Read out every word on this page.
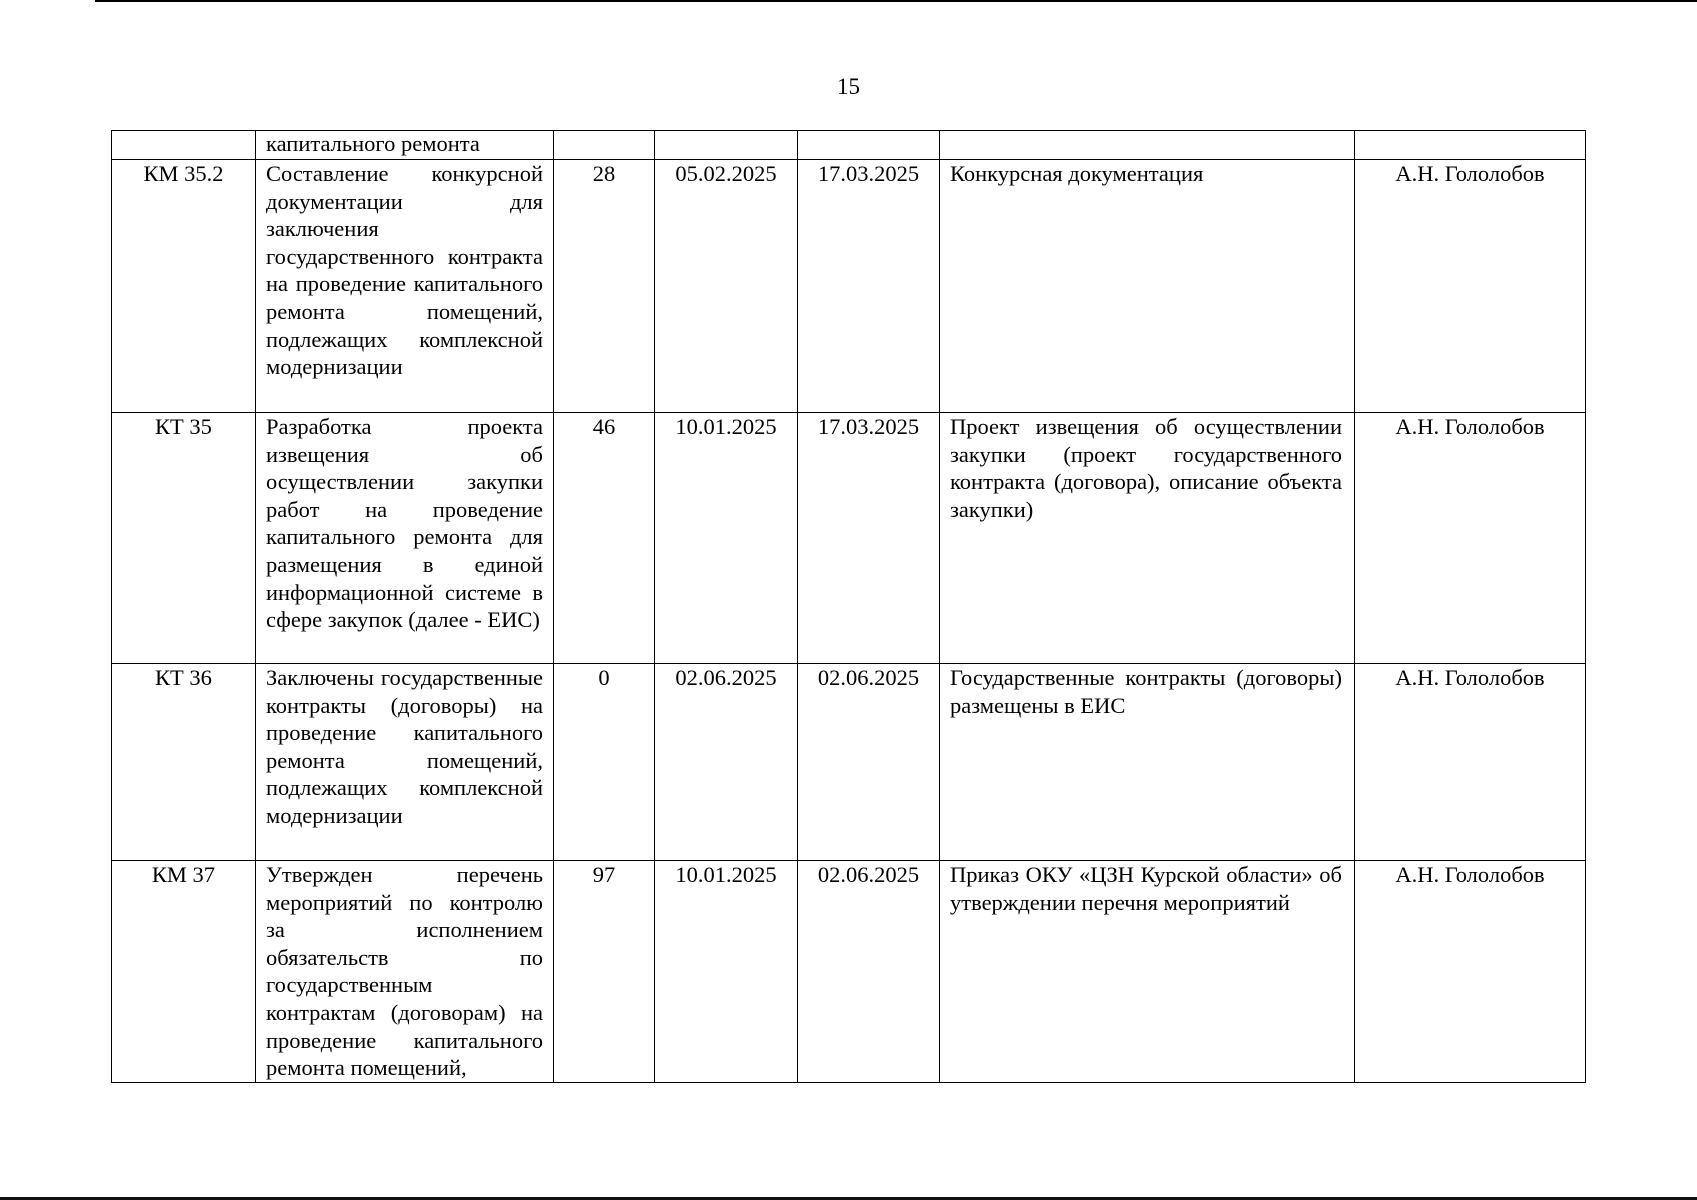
15
	капитального ремонта					
КМ 35.2	Составление конкурсной документации для заключения государственного контракта на проведение капитального ремонта помещений, подлежащих комплексной модернизации	28	05.02.2025	17.03.2025	Конкурсная документация	А.Н. Гололобов
КТ 35	Разработка проекта извещения об осуществлении закупки работ на проведение капитального ремонта для размещения в единой информационной системе в сфере закупок (далее - ЕИС)	46	10.01.2025	17.03.2025	Проект извещения об осуществлении закупки (проект государственного контракта (договора), описание объекта закупки)	А.Н. Гололобов
КТ 36	Заключены государственные контракты (договоры) на проведение капитального ремонта помещений, подлежащих комплексной модернизации	0	02.06.2025	02.06.2025	Государственные контракты (договоры) размещены в ЕИС	А.Н. Гололобов
КМ 37	Утвержден перечень мероприятий по контролю за исполнением обязательств по государственным контрактам (договорам) на проведение капитального ремонта помещений,	97	10.01.2025	02.06.2025	Приказ ОКУ «ЦЗН Курской области» об утверждении перечня мероприятий	А.Н. Гололобов
